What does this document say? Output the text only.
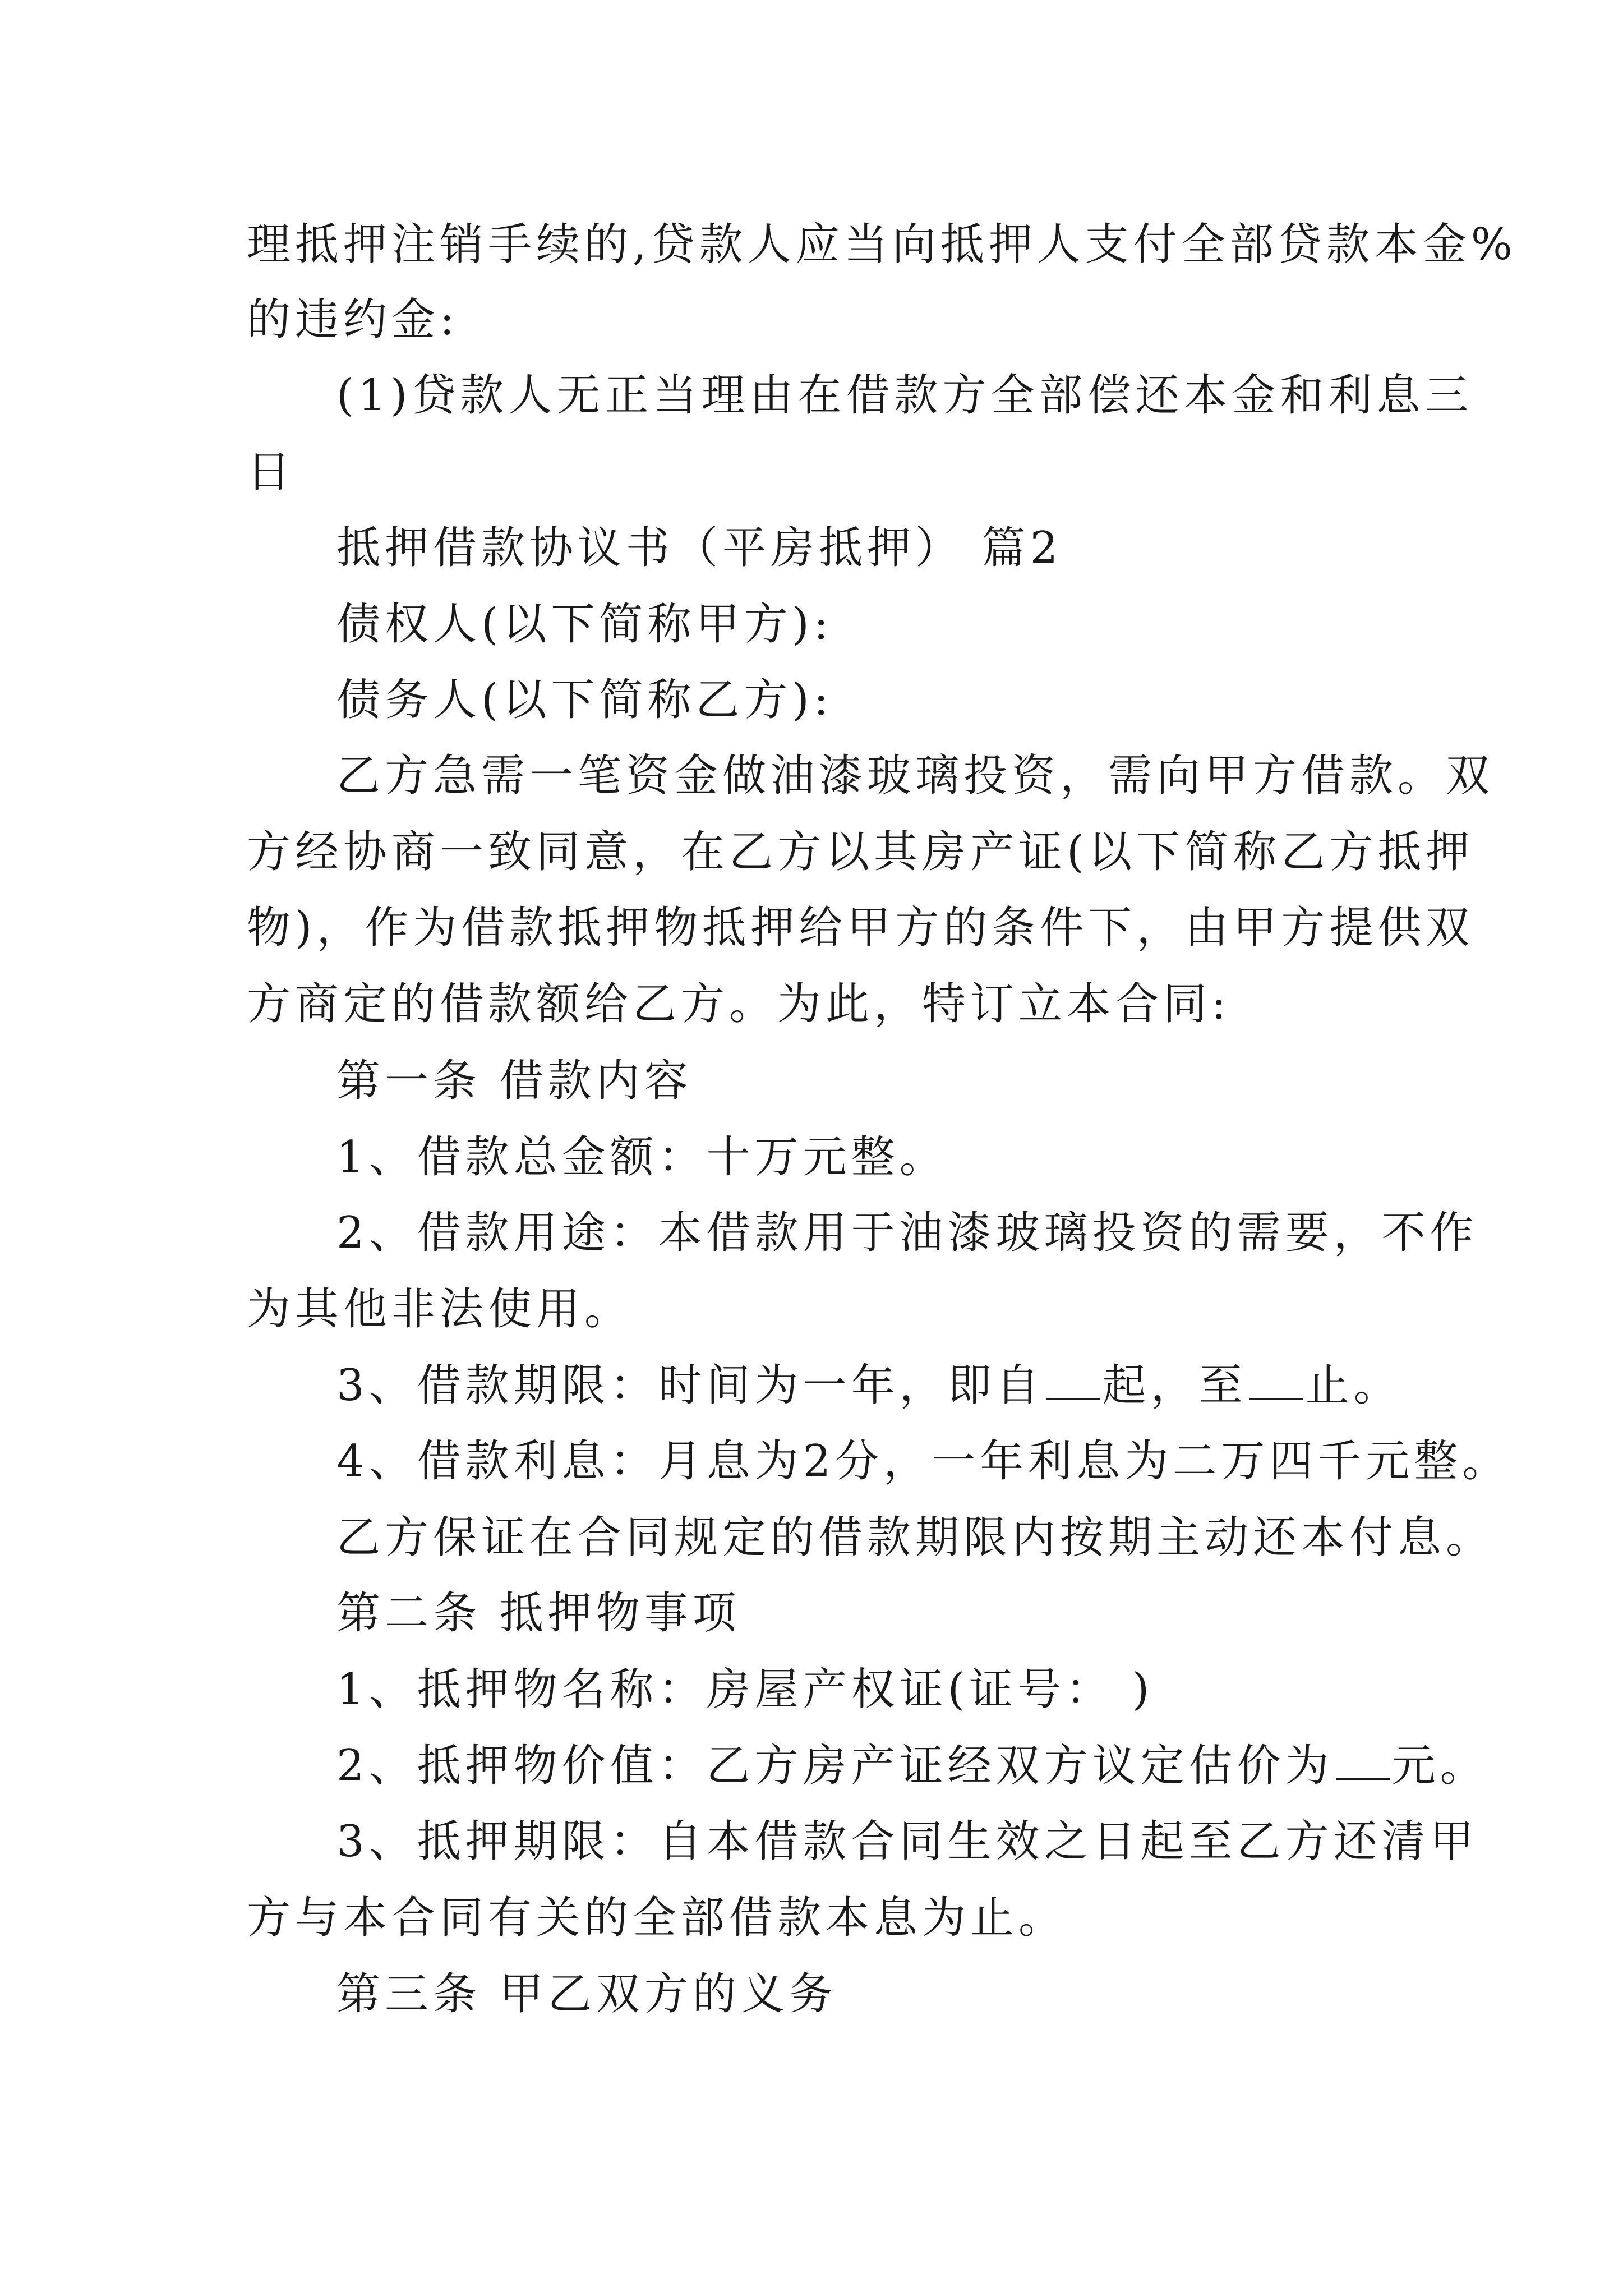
理抵押注销手续的,贷款人应当向抵押人支付全部贷款本金%
的违约金:
(1)贷款人无正当理由在借款方全部偿还本金和利息三
日
抵押借款协议书（平房抵押） 篇2
债权人(以下简称甲方):
债务人(以下简称乙方):
乙方急需一笔资金做油漆玻璃投资，需向甲方借款。双
方经协商一致同意，在乙方以其房产证(以下简称乙方抵押
物)，作为借款抵押物抵押给甲方的条件下，由甲方提供双
方商定的借款额给乙方。为此，特订立本合同:
第一条 借款内容
1、借款总金额：十万元整。
2、借款用途：本借款用于油漆玻璃投资的需要，不作
为其他非法使用。
3、借款期限：时间为一年，即自 起，至 止。
4、借款利息：月息为2分，一年利息为二万四千元整。
乙方保证在合同规定的借款期限内按期主动还本付息。
第二条 抵押物事项
1、抵押物名称：房屋产权证(证号： )
2、抵押物价值：乙方房产证经双方议定估价为 元。
3、抵押期限：自本借款合同生效之日起至乙方还清甲
方与本合同有关的全部借款本息为止。
第三条 甲乙双方的义务
